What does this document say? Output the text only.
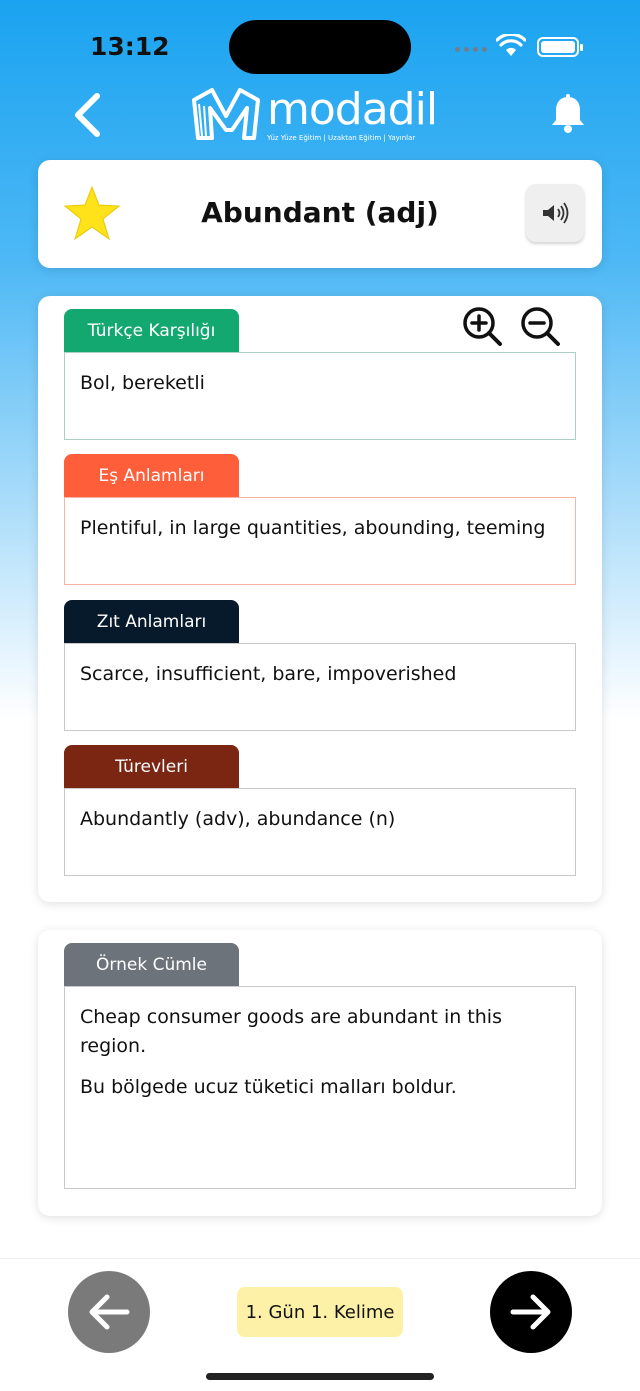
13:12
modadil
Yüz Yüze Eğitim | Uzaktan Eğitim | Yayınlar
Abundant (adj)
Türkçe Karşılığı
Bol, bereketli
Eş Anlamları
Plentiful, in large quantities, abounding, teeming
Zıt Anlamları
Scarce, insufficient, bare, impoverished
Türevleri
Abundantly (adv), abundance (n)
Örnek Cümle

Cheap consumer goods are abundant in this region.

Bu bölgede ucuz tüketici malları boldur.

1. Gün 1. Kelime
